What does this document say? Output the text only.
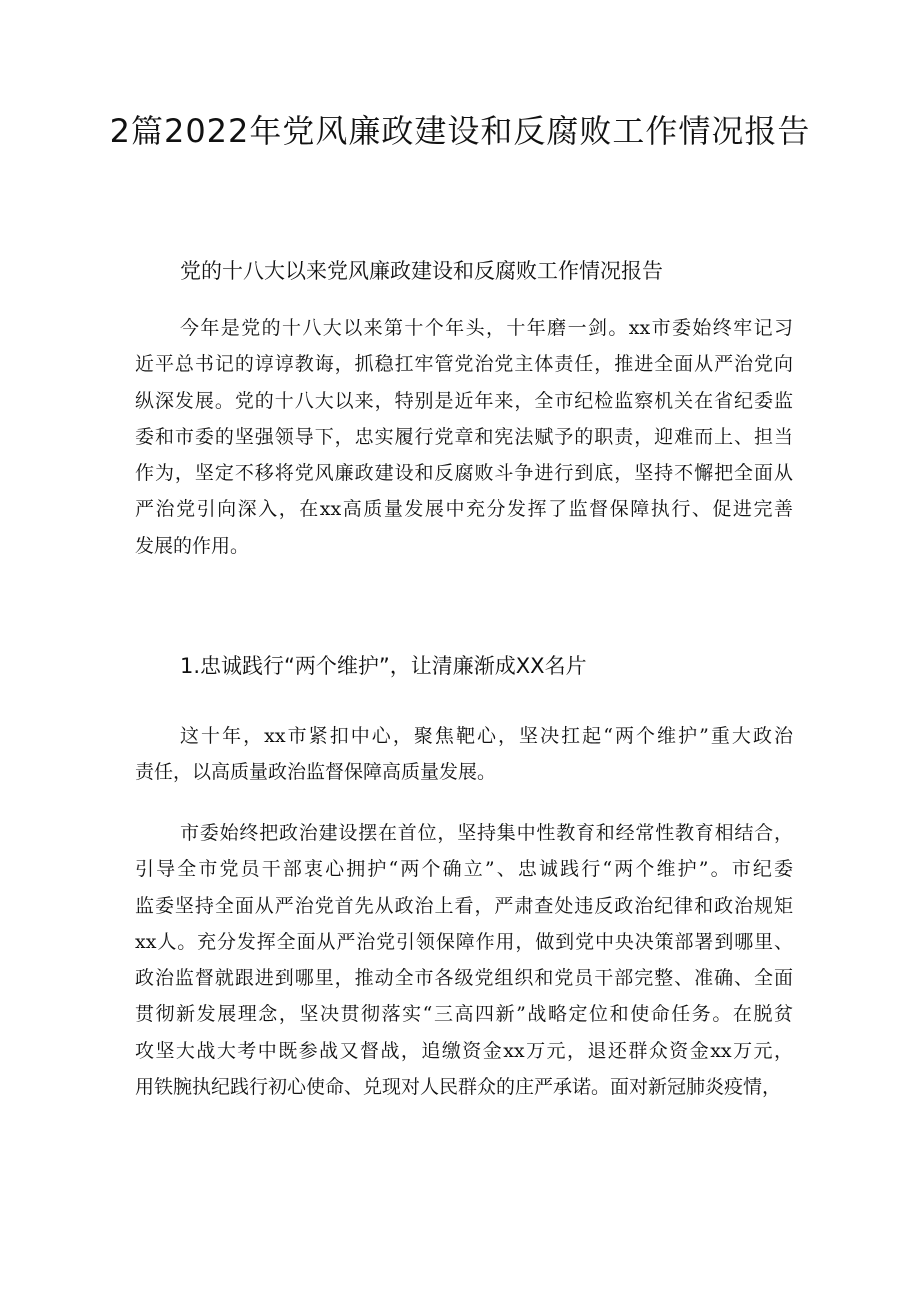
2篇2022年党风廉政建设和反腐败工作情况报告

党的十八大以来党风廉政建设和反腐败工作情况报告

今年是党的十八大以来第十个年头，十年磨一剑。xx市委始终牢记习
近平总书记的谆谆教诲，抓稳扛牢管党治党主体责任，推进全面从严治党向
纵深发展。党的十八大以来，特别是近年来，全市纪检监察机关在省纪委监
委和市委的坚强领导下，忠实履行党章和宪法赋予的职责，迎难而上、担当
作为，坚定不移将党风廉政建设和反腐败斗争进行到底，坚持不懈把全面从
严治党引向深入，在xx高质量发展中充分发挥了监督保障执行、促进完善
发展的作用。
1.忠诚践行“两个维护”，让清廉渐成XX名片
这十年，xx市紧扣中心，聚焦靶心，坚决扛起“两个维护”重大政治
责任，以高质量政治监督保障高质量发展。
市委始终把政治建设摆在首位，坚持集中性教育和经常性教育相结合，
引导全市党员干部衷心拥护“两个确立”、忠诚践行“两个维护”。市纪委
监委坚持全面从严治党首先从政治上看，严肃查处违反政治纪律和政治规矩
xx人。充分发挥全面从严治党引领保障作用，做到党中央决策部署到哪里、
政治监督就跟进到哪里，推动全市各级党组织和党员干部完整、准确、全面
贯彻新发展理念，坚决贯彻落实“三高四新”战略定位和使命任务。在脱贫
攻坚大战大考中既参战又督战，追缴资金xx万元，退还群众资金xx万元，
用铁腕执纪践行初心使命、兑现对人民群众的庄严承诺。面对新冠肺炎疫情，
